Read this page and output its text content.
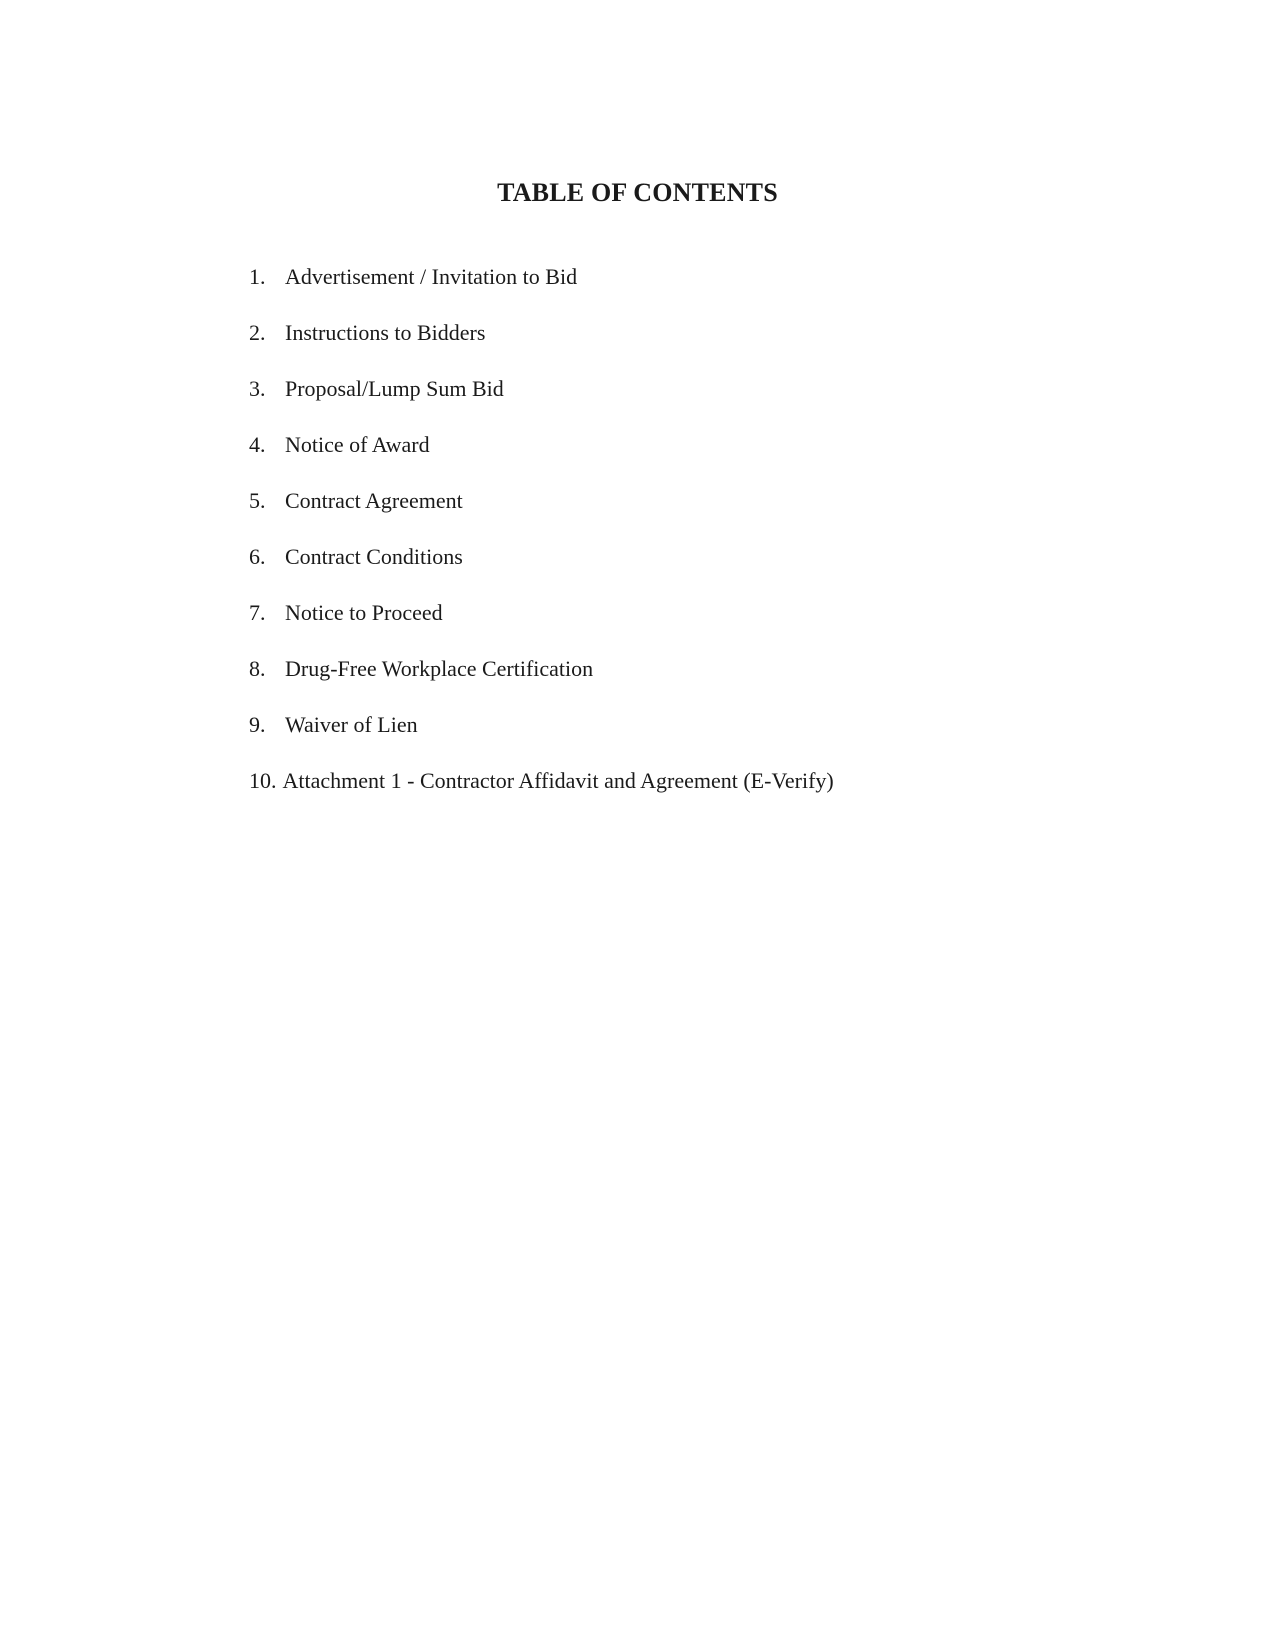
TABLE OF CONTENTS
1. Advertisement / Invitation to Bid
2. Instructions to Bidders
3. Proposal/Lump Sum Bid
4. Notice of Award
5. Contract Agreement
6. Contract Conditions
7. Notice to Proceed
8. Drug-Free Workplace Certification
9. Waiver of Lien
10. Attachment 1 - Contractor Affidavit and Agreement (E-Verify)
